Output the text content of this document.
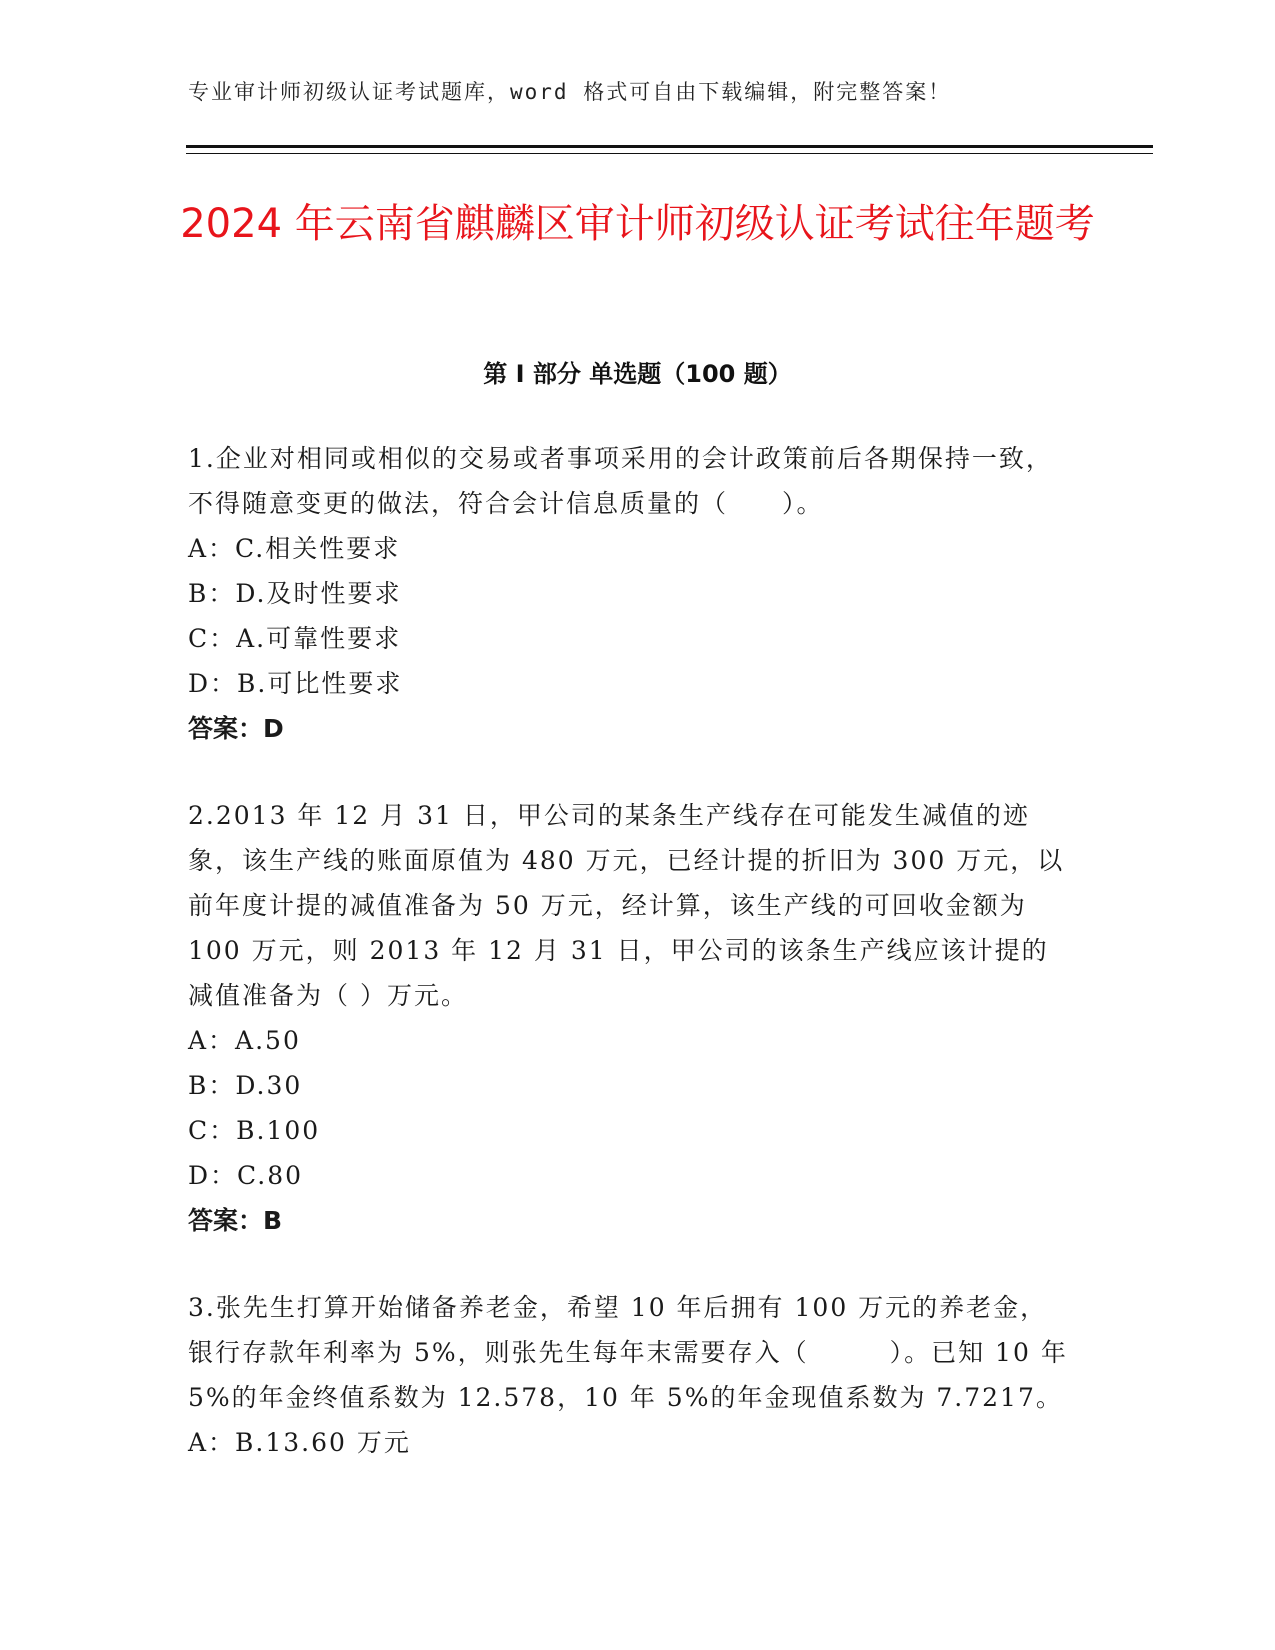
专业审计师初级认证考试题库，word 格式可自由下载编辑，附完整答案！
2024 年云南省麒麟区审计师初级认证考试往年题考
第 I 部分 单选题（100 题）

1.企业对相同或相似的交易或者事项采用的会计政策前后各期保持一致，不得随意变更的做法，符合会计信息质量的（　　）。

A：C.相关性要求

B：D.及时性要求

C：A.可靠性要求

D：B.可比性要求

答案：D

2.2013 年 12 月 31 日，甲公司的某条生产线存在可能发生减值的迹象，该生产线的账面原值为 480 万元，已经计提的折旧为 300 万元，以前年度计提的减值准备为 50 万元，经计算，该生产线的可回收金额为 100 万元，则 2013 年 12 月 31 日，甲公司的该条生产线应该计提的减值准备为（ ）万元。

A：A.50

B：D.30

C：B.100

D：C.80

答案：B

3.张先生打算开始储备养老金，希望 10 年后拥有 100 万元的养老金，银行存款年利率为 5%，则张先生每年末需要存入（　　　）。已知 10 年 5%的年金终值系数为 12.578，10 年 5%的年金现值系数为 7.7217。

A：B.13.60 万元
